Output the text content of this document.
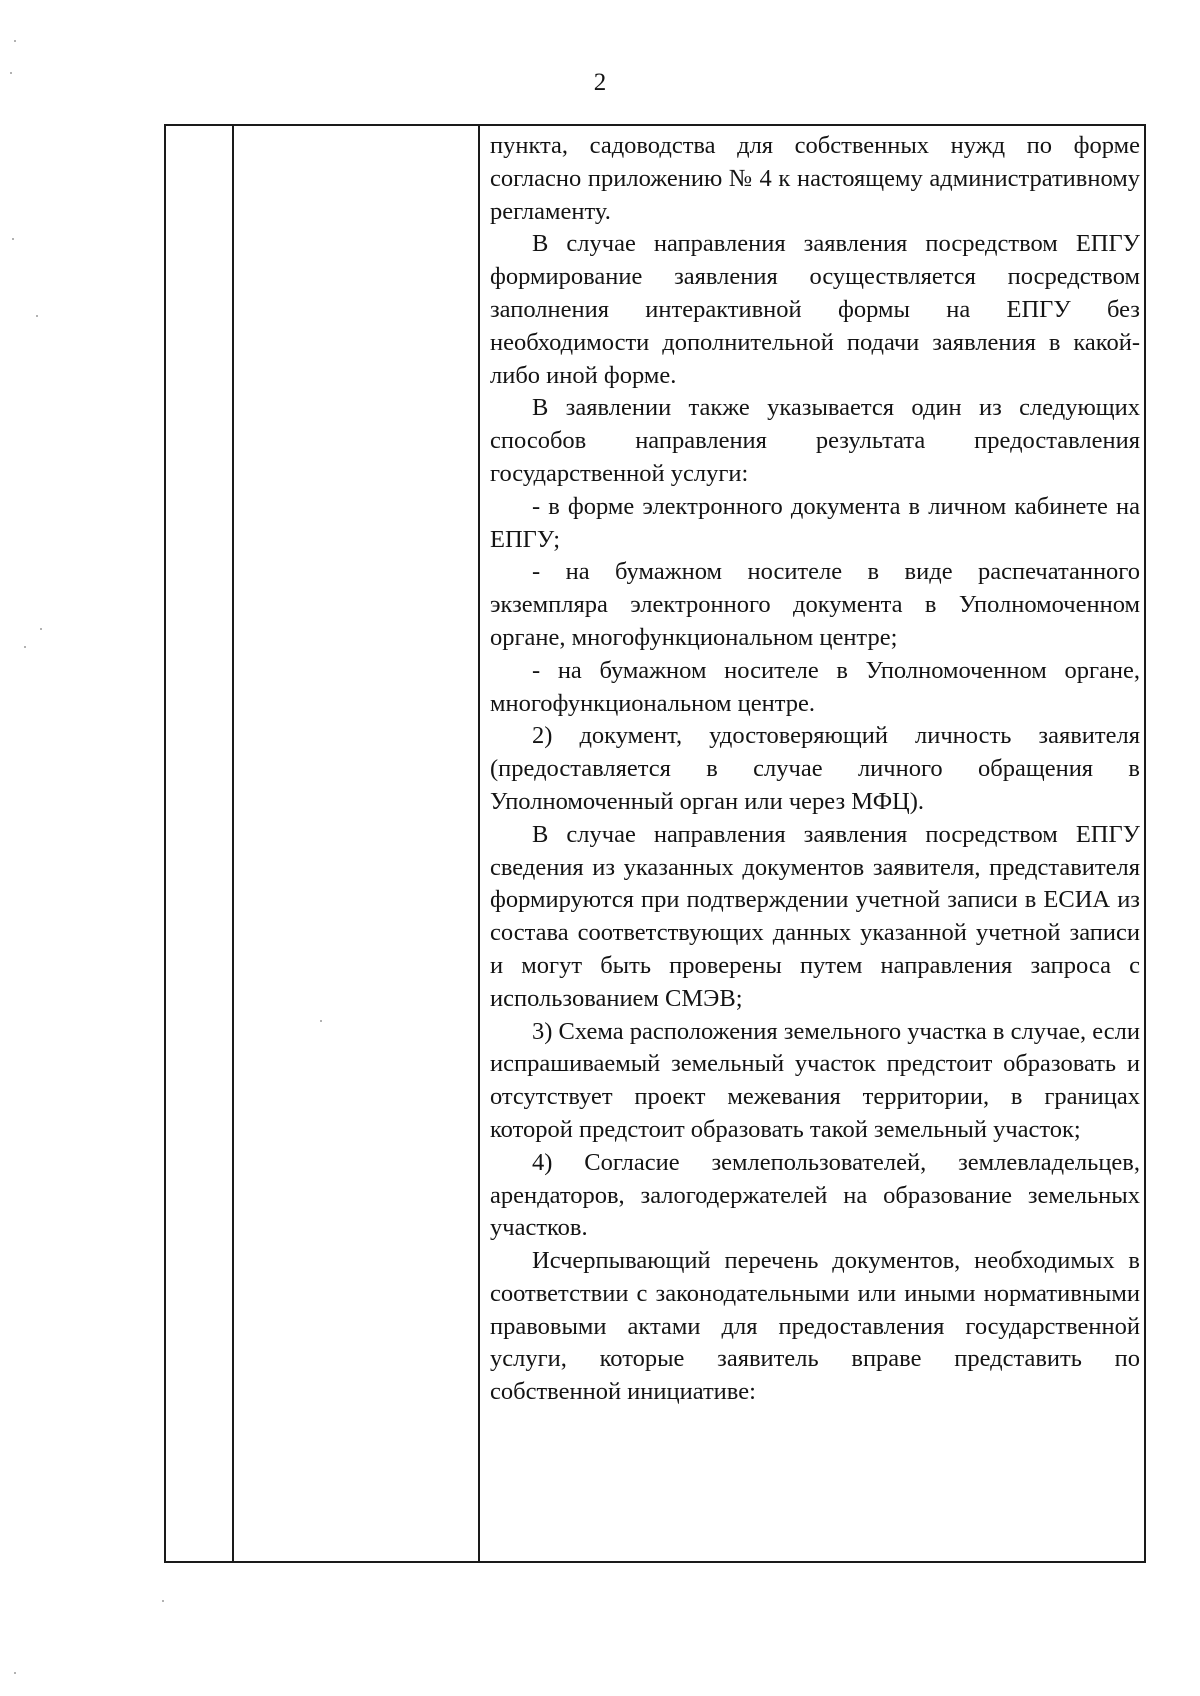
2

пункта, садоводства для собственных нужд по форме согласно приложению № 4 к настоящему административному регламенту.

В случае направления заявления посредством ЕПГУ формирование заявления осуществляется посредством заполнения интерактивной формы на ЕПГУ без необходимости дополнительной подачи заявления в какой-либо иной форме.

В заявлении также указывается один из следующих способов направления результата предоставления государственной услуги:

- в форме электронного документа в личном кабинете на ЕПГУ;

- на бумажном носителе в виде распечатанного экземпляра электронного документа в Уполномоченном органе, многофункциональном центре;

- на бумажном носителе в Уполномоченном органе, многофункциональном центре.

2) документ, удостоверяющий личность заявителя (предоставляется в случае личного обращения в Уполномоченный орган или через МФЦ).

В случае направления заявления посредством ЕПГУ сведения из указанных документов заявителя, представителя формируются при подтверждении учетной записи в ЕСИА из состава соответствующих данных указанной учетной записи и могут быть проверены путем направления запроса с использованием СМЭВ;

3) Схема расположения земельного участка в случае, если испрашиваемый земельный участок предстоит образовать и отсутствует проект межевания территории, в границах которой предстоит образовать такой земельный участок;

4) Согласие землепользователей, землевладельцев, арендаторов, залогодержателей на образование земельных участков.

Исчерпывающий перечень документов, необходимых в соответствии с законодательными или иными нормативными правовыми актами для предоставления государственной услуги, которые заявитель вправе представить по собственной инициативе:
